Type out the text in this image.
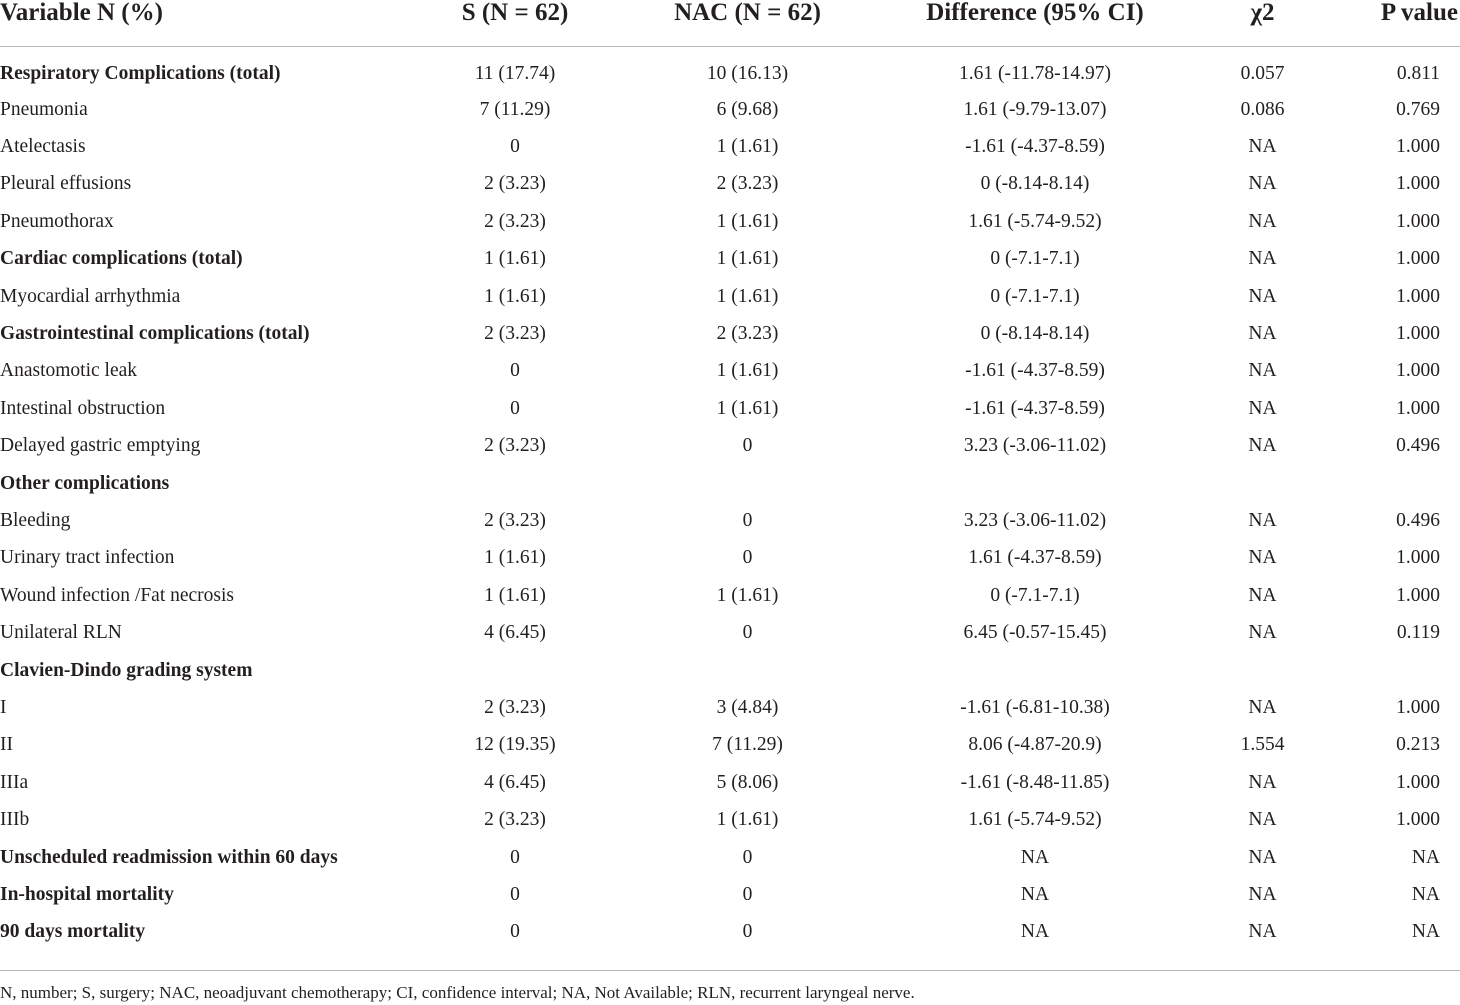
Variable N (%)	S (N = 62)	NAC (N = 62)	Difference (95% CI)	χ2	P value
Respiratory Complications (total)	11 (17.74)	10 (16.13)	1.61 (-11.78-14.97)	0.057	0.811
Pneumonia	7 (11.29)	6 (9.68)	1.61 (-9.79-13.07)	0.086	0.769
Atelectasis	0	1 (1.61)	-1.61 (-4.37-8.59)	NA	1.000
Pleural effusions	2 (3.23)	2 (3.23)	0 (-8.14-8.14)	NA	1.000
Pneumothorax	2 (3.23)	1 (1.61)	1.61 (-5.74-9.52)	NA	1.000
Cardiac complications (total)	1 (1.61)	1 (1.61)	0 (-7.1-7.1)	NA	1.000
Myocardial arrhythmia	1 (1.61)	1 (1.61)	0 (-7.1-7.1)	NA	1.000
Gastrointestinal complications (total)	2 (3.23)	2 (3.23)	0 (-8.14-8.14)	NA	1.000
Anastomotic leak	0	1 (1.61)	-1.61 (-4.37-8.59)	NA	1.000
Intestinal obstruction	0	1 (1.61)	-1.61 (-4.37-8.59)	NA	1.000
Delayed gastric emptying	2 (3.23)	0	3.23 (-3.06-11.02)	NA	0.496
Other complications					
Bleeding	2 (3.23)	0	3.23 (-3.06-11.02)	NA	0.496
Urinary tract infection	1 (1.61)	0	1.61 (-4.37-8.59)	NA	1.000
Wound infection /Fat necrosis	1 (1.61)	1 (1.61)	0 (-7.1-7.1)	NA	1.000
Unilateral RLN	4 (6.45)	0	6.45 (-0.57-15.45)	NA	0.119
Clavien-Dindo grading system					
I	2 (3.23)	3 (4.84)	-1.61 (-6.81-10.38)	NA	1.000
II	12 (19.35)	7 (11.29)	8.06 (-4.87-20.9)	1.554	0.213
IIIa	4 (6.45)	5 (8.06)	-1.61 (-8.48-11.85)	NA	1.000
IIIb	2 (3.23)	1 (1.61)	1.61 (-5.74-9.52)	NA	1.000
Unscheduled readmission within 60 days	0	0	NA	NA	NA
In-hospital mortality	0	0	NA	NA	NA
90 days mortality	0	0	NA	NA	NA
N, number; S, surgery; NAC, neoadjuvant chemotherapy; CI, confidence interval; NA, Not Available; RLN, recurrent laryngeal nerve.
